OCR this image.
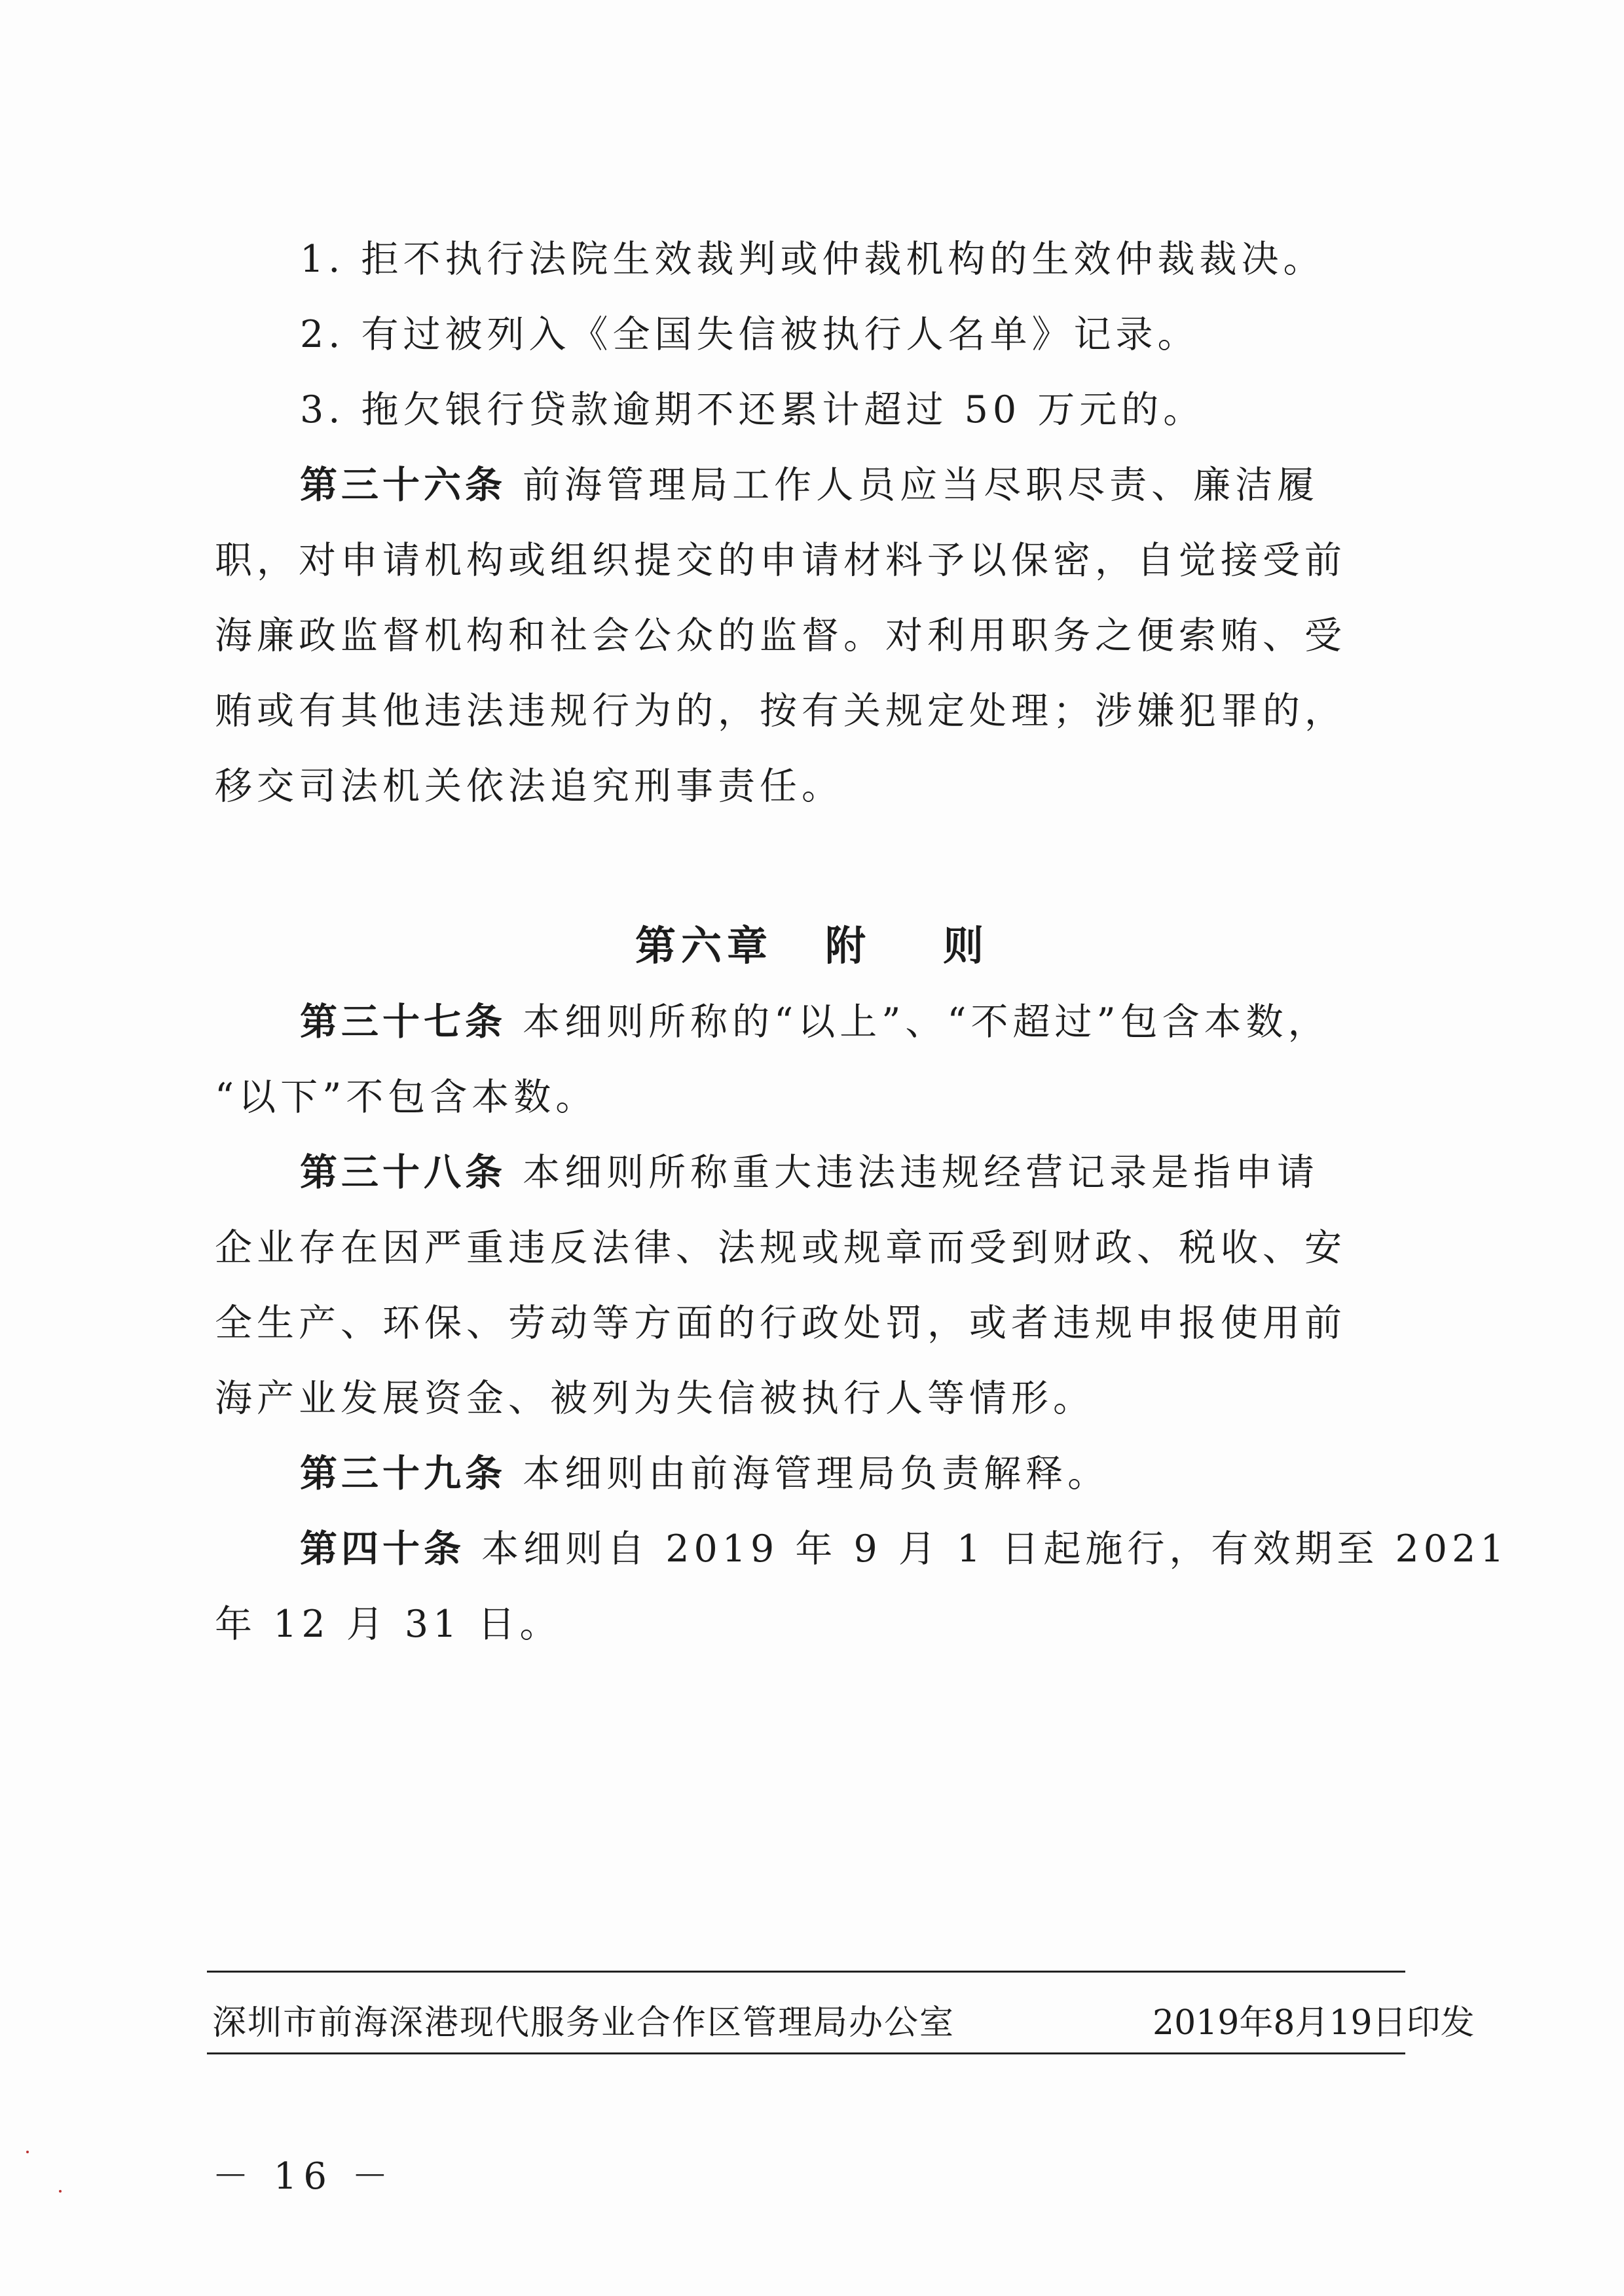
1. 拒不执行法院生效裁判或仲裁机构的生效仲裁裁决。
2. 有过被列入《全国失信被执行人名单》记录。
3. 拖欠银行贷款逾期不还累计超过 50 万元的。
第三十六条 前海管理局工作人员应当尽职尽责、廉洁履
职，对申请机构或组织提交的申请材料予以保密，自觉接受前
海廉政监督机构和社会公众的监督。对利用职务之便索贿、受
贿或有其他违法违规行为的，按有关规定处理；涉嫌犯罪的，
移交司法机关依法追究刑事责任。
第六章 附 则
第三十七条 本细则所称的“以上”、“不超过”包含本数，
“以下”不包含本数。
第三十八条 本细则所称重大违法违规经营记录是指申请
企业存在因严重违反法律、法规或规章而受到财政、税收、安
全生产、环保、劳动等方面的行政处罚，或者违规申报使用前
海产业发展资金、被列为失信被执行人等情形。
第三十九条 本细则由前海管理局负责解释。
第四十条 本细则自 2019 年 9 月 1 日起施行，有效期至 2021
年 12 月 31 日。
深圳市前海深港现代服务业合作区管理局办公室	2019年8月19日印发
－ 16 －
